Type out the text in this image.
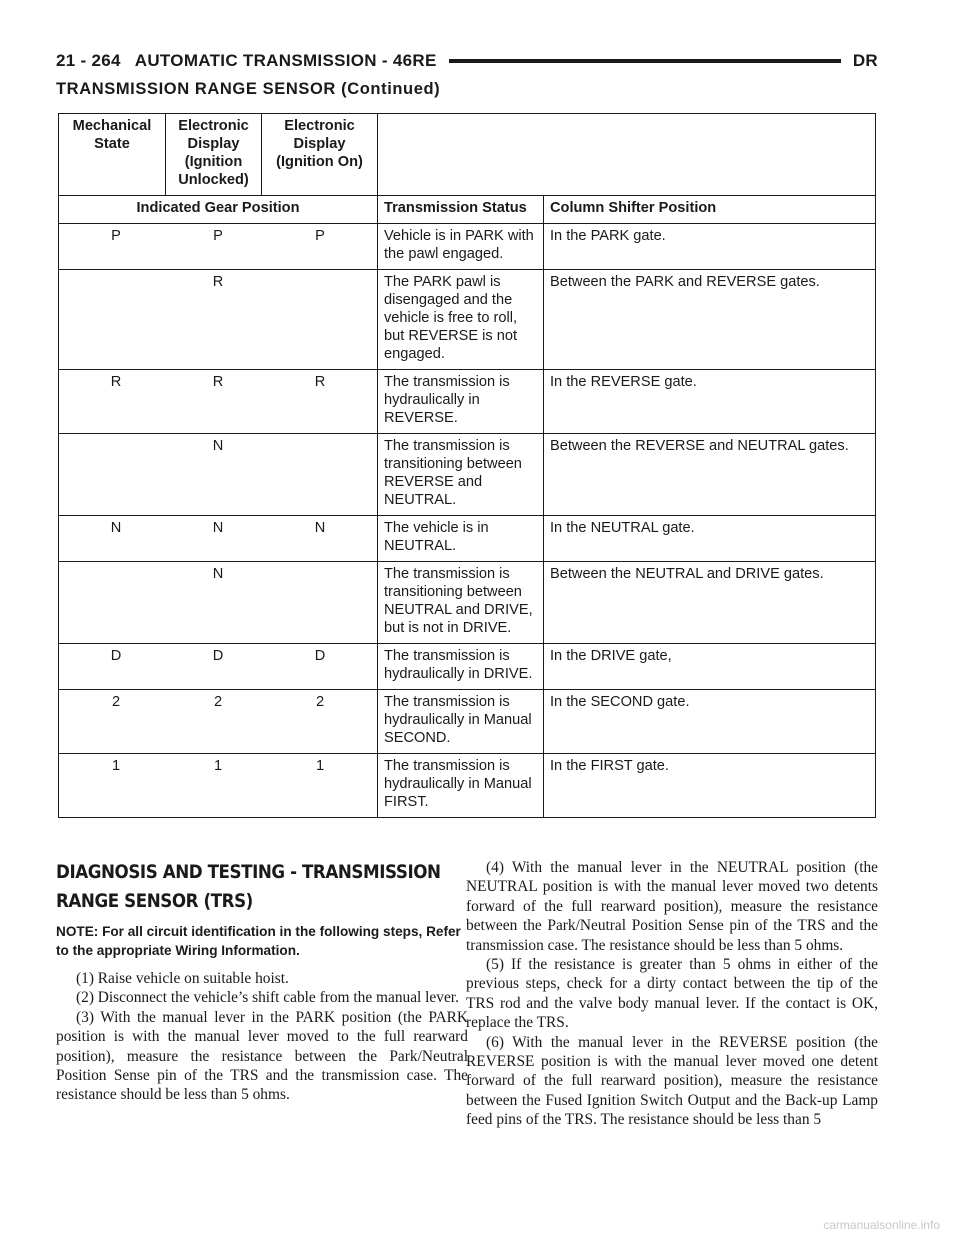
21 - 264 AUTOMATIC TRANSMISSION - 46RE	DR
TRANSMISSION RANGE SENSOR (Continued)
Mechanical State	Electronic Display (Ignition Unlocked)	Electronic Display (Ignition On)		
Indicated Gear Position			Transmission Status	Column Shifter Position

P P P			Vehicle is in PARK with the pawl engaged.	In the PARK gate.

R			The PARK pawl is disengaged and the vehicle is free to roll, but REVERSE is not engaged.	Between the PARK and REVERSE gates.

R R R			The transmission is hydraulically in REVERSE.	In the REVERSE gate.

N			The transmission is transitioning between REVERSE and NEUTRAL.	Between the REVERSE and NEUTRAL gates.

N N N			The vehicle is in NEUTRAL.	In the NEUTRAL gate.

N			The transmission is transitioning between NEUTRAL and DRIVE, but is not in DRIVE.	Between the NEUTRAL and DRIVE gates.

D D D			The transmission is hydraulically in DRIVE.	In the DRIVE gate,

2 2 2			The transmission is hydraulically in Manual SECOND.	In the SECOND gate.

1 1 1			The transmission is hydraulically in Manual FIRST.	In the FIRST gate.
DIAGNOSIS AND TESTING - TRANSMISSION RANGE SENSOR (TRS)

NOTE: For all circuit identification in the following steps, Refer to the appropriate Wiring Information.

(1) Raise vehicle on suitable hoist.

(2) Disconnect the vehicle’s shift cable from the manual lever.

(3) With the manual lever in the PARK position (the PARK position is with the manual lever moved to the full rearward position), measure the resistance between the Park/Neutral Position Sense pin of the TRS and the transmission case. The resistance should be less than 5 ohms.

(4) With the manual lever in the NEUTRAL position (the NEUTRAL position is with the manual lever moved two detents forward of the full rearward position), measure the resistance between the Park/Neutral Position Sense pin of the TRS and the transmission case. The resistance should be less than 5 ohms.

(5) If the resistance is greater than 5 ohms in either of the previous steps, check for a dirty contact between the tip of the TRS rod and the valve body manual lever. If the contact is OK, replace the TRS.

(6) With the manual lever in the REVERSE position (the REVERSE position is with the manual lever moved one detent forward of the full rearward position), measure the resistance between the Fused Ignition Switch Output and the Back-up Lamp feed pins of the TRS. The resistance should be less than 5

carmanualsonline.info
